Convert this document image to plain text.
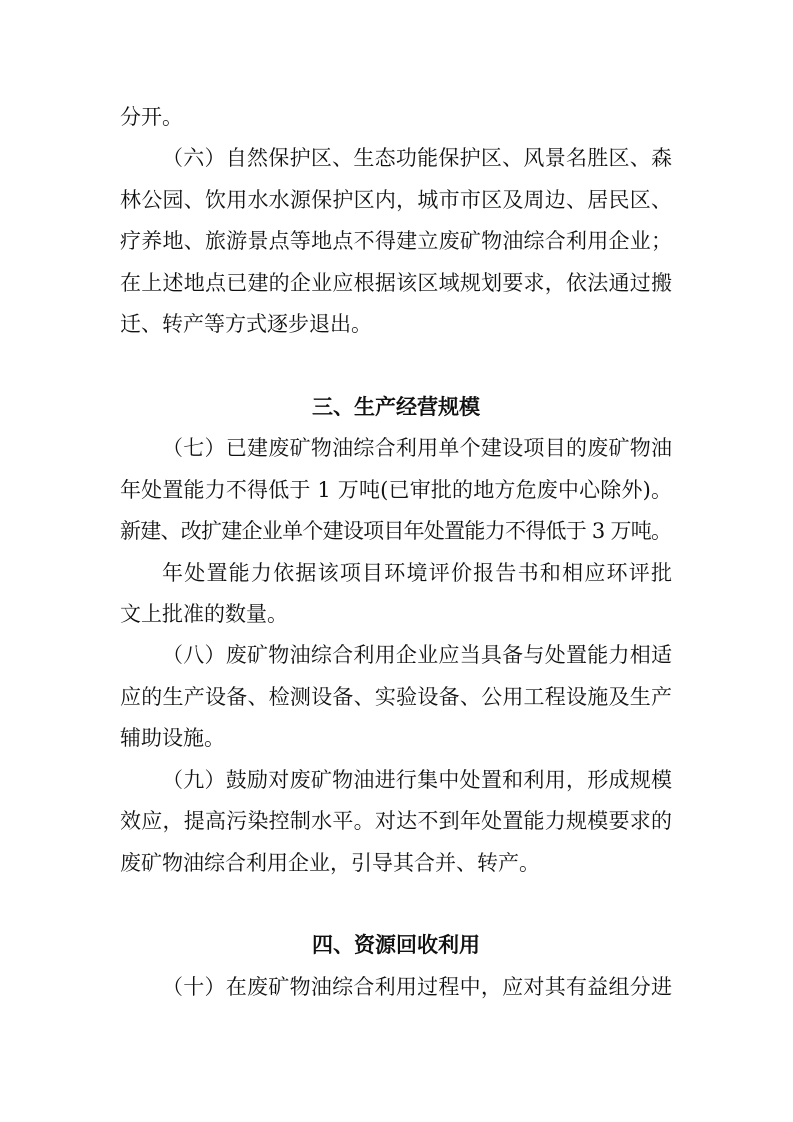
分开。
（六）自然保护区、生态功能保护区、风景名胜区、森
林公园、饮用水水源保护区内，城市市区及周边、居民区、
疗养地、旅游景点等地点不得建立废矿物油综合利用企业；
在上述地点已建的企业应根据该区域规划要求，依法通过搬
迁、转产等方式逐步退出。
三、生产经营规模
（七）已建废矿物油综合利用单个建设项目的废矿物油
年处置能力不得低于 1 万吨(已审批的地方危废中心除外)。
新建、改扩建企业单个建设项目年处置能力不得低于 3 万吨。
年处置能力依据该项目环境评价报告书和相应环评批
文上批准的数量。
（八）废矿物油综合利用企业应当具备与处置能力相适
应的生产设备、检测设备、实验设备、公用工程设施及生产
辅助设施。
（九）鼓励对废矿物油进行集中处置和利用，形成规模
效应，提高污染控制水平。对达不到年处置能力规模要求的
废矿物油综合利用企业，引导其合并、转产。
四、资源回收利用
（十）在废矿物油综合利用过程中，应对其有益组分进
